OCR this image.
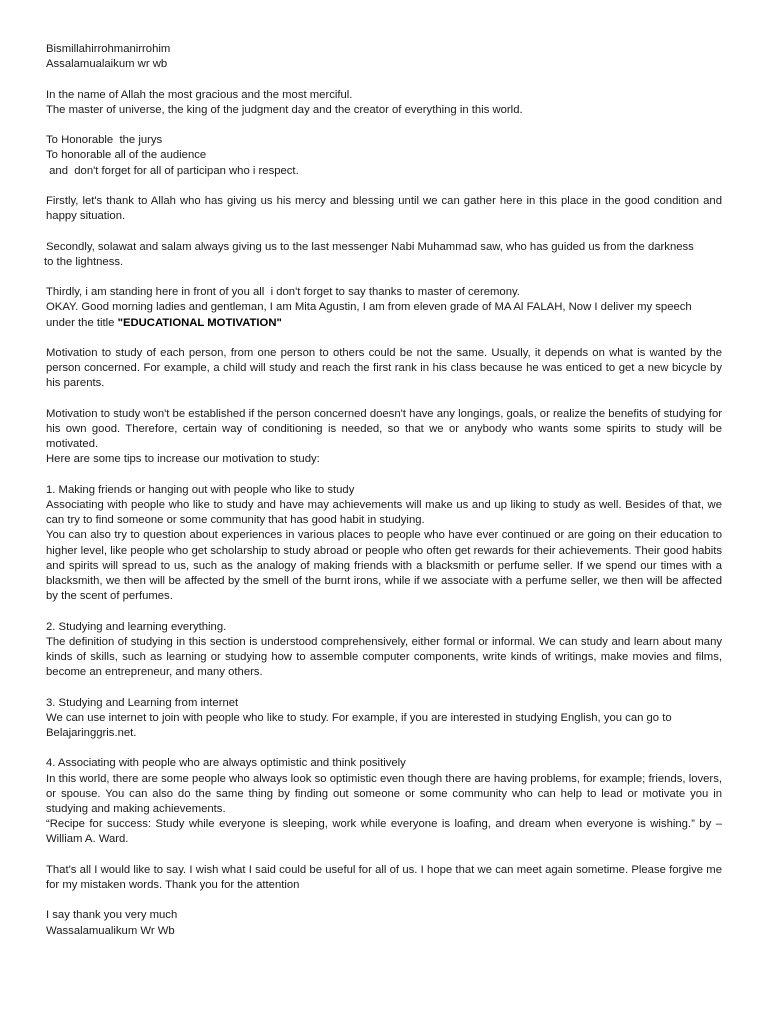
Bismillahirrohmanirrohim
Assalamualaikum wr wb
In the name of Allah the most gracious and the most merciful.
The master of universe, the king of the judgment day and the creator of everything in this world.
To Honorable  the jurys
To honorable all of the audience
and  don't forget for all of participan who i respect.
Firstly, let's thank to Allah who has giving us his mercy and blessing until we can gather here in this place in the good condition and happy situation.
Secondly, solawat and salam always giving us to the last messenger Nabi Muhammad saw, who has guided us from the darkness
to the lightness.
Thirdly, i am standing here in front of you all  i don't forget to say thanks to master of ceremony.
OKAY. Good morning ladies and gentleman, I am Mita Agustin, I am from eleven grade of MA Al FALAH, Now I deliver my speech under the title "EDUCATIONAL MOTIVATION"
Motivation to study of each person, from one person to others could be not the same. Usually, it depends on what is wanted by the person concerned. For example, a child will study and reach the first rank in his class because he was enticed to get a new bicycle by his parents.
Motivation to study won't be established if the person concerned doesn't have any longings, goals, or realize the benefits of studying for his own good. Therefore, certain way of conditioning is needed, so that we or anybody who wants some spirits to study will be motivated.
Here are some tips to increase our motivation to study:
1. Making friends or hanging out with people who like to study
Associating with people who like to study and have may achievements will make us and up liking to study as well. Besides of that, we can try to find someone or some community that has good habit in studying.
You can also try to question about experiences in various places to people who have ever continued or are going on their education to higher level, like people who get scholarship to study abroad or people who often get rewards for their achievements. Their good habits and spirits will spread to us, such as the analogy of making friends with a blacksmith or perfume seller. If we spend our times with a blacksmith, we then will be affected by the smell of the burnt irons, while if we associate with a perfume seller, we then will be affected by the scent of perfumes.
2. Studying and learning everything.
The definition of studying in this section is understood comprehensively, either formal or informal. We can study and learn about many kinds of skills, such as learning or studying how to assemble computer components, write kinds of writings, make movies and films, become an entrepreneur, and many others.
3. Studying and Learning from internet
We can use internet to join with people who like to study. For example, if you are interested in studying English, you can go to
Belajaringgris.net.
4. Associating with people who are always optimistic and think positively
In this world, there are some people who always look so optimistic even though there are having problems, for example; friends, lovers, or spouse. You can also do the same thing by finding out someone or some community who can help to lead or motivate you in studying and making achievements.
“Recipe for success: Study while everyone is sleeping, work while everyone is loafing, and dream when everyone is wishing.” by – William A. Ward.
That's all I would like to say. I wish what I said could be useful for all of us. I hope that we can meet again sometime. Please forgive me for my mistaken words. Thank you for the attention
I say thank you very much
Wassalamualikum Wr Wb
